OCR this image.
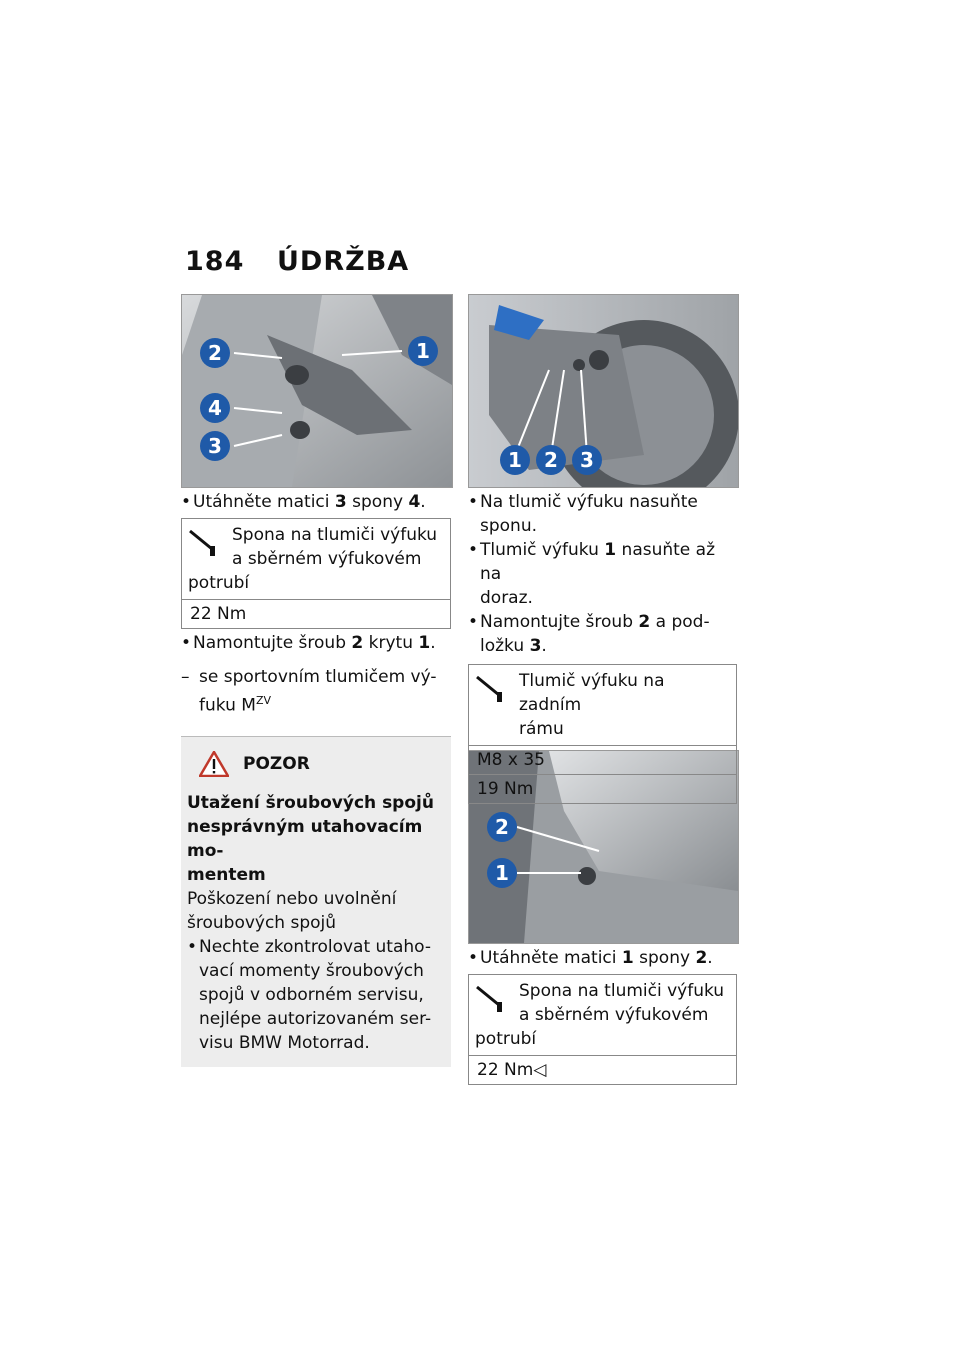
184 ÚDRŽBA
1
2
3
4
1 2 3
2
1
• Utáhněte matici 3 spony 4.
Spona na tlumiči výfuku
a sběrném výfukovém
potrubí
22 Nm
• Namontujte šroub 2 krytu 1.
– se sportovním tlumičem vý-
fuku $M^{ZV}$
POZOR
Utažení šroubových spojů
nesprávným utahovacím mo-
mentem
Poškození nebo uvolnění
šroubových spojů
• Nechte zkontrolovat utaho-
vací momenty šroubových
spojů v odborném servisu,
nejlépe autorizovaném ser-
visu BMW Motorrad.
• Na tlumič výfuku nasuňte
sponu.
• Tlumič výfuku 1 nasuňte až na
doraz.
• Namontujte šroub 2 a pod-
ložku 3.
Tlumič výfuku na zadním
rámu
M8 x 35
19 Nm
• Utáhněte matici 1 spony 2.
Spona na tlumiči výfuku
a sběrném výfukovém
potrubí
22 Nm◁
